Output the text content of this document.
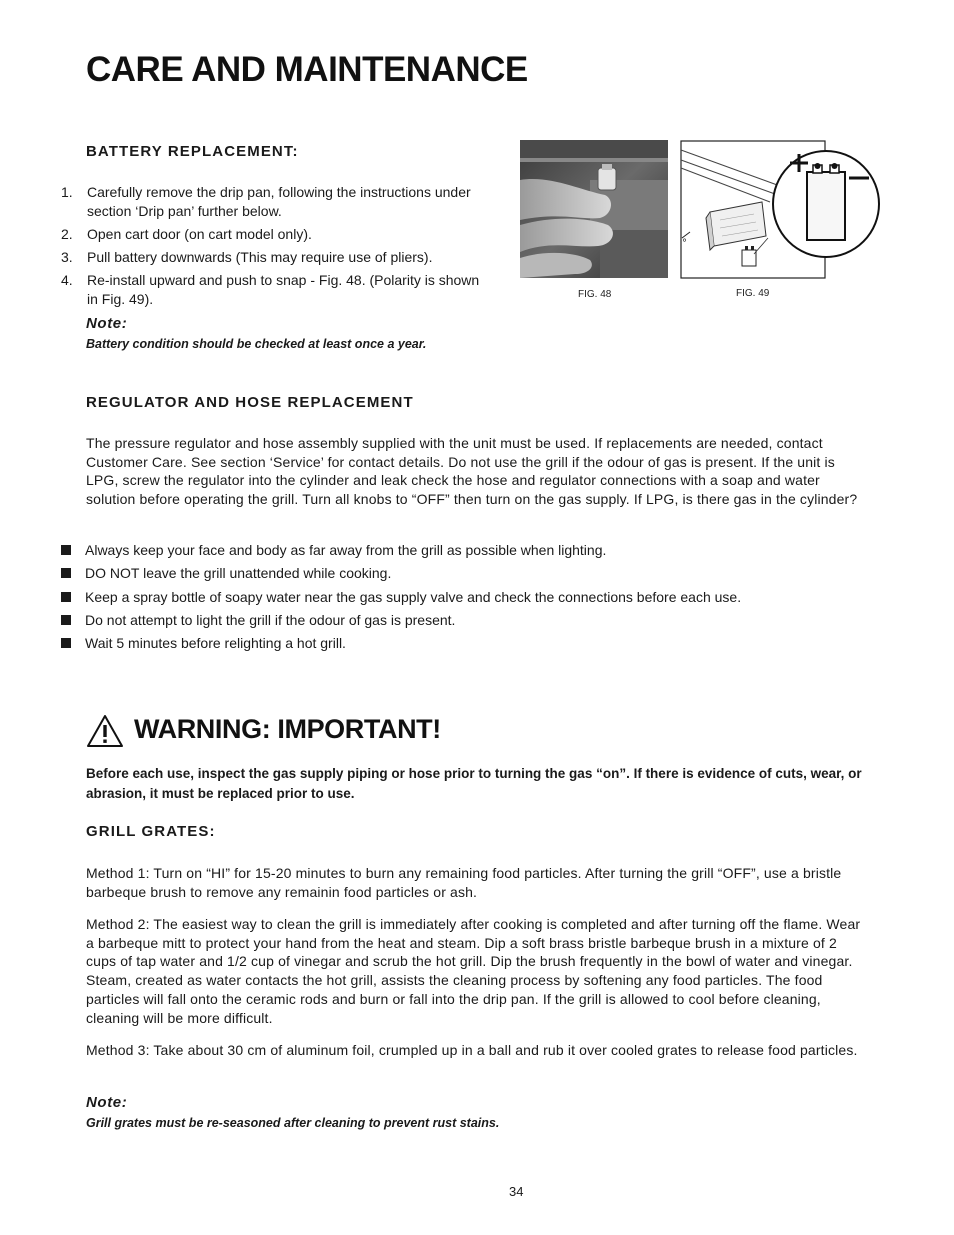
CARE AND MAINTENANCE
BATTERY REPLACEMENT:
1. Carefully remove the drip pan, following the instructions under section ‘Drip pan’ further below.
2. Open cart door (on cart model only).
3. Pull battery downwards (This may require use of pliers).
4. Re-install upward and push to snap - Fig. 48. (Polarity is shown in Fig. 49).

Note:

Battery condition should be checked at least once a year.

FIG. 48
°
FIG. 49
REGULATOR AND HOSE REPLACEMENT

The pressure regulator and hose assembly supplied with the unit must be used. If replacements are needed, contact Customer Care. See section ‘Service’ for contact details. Do not use the grill if the odour of gas is present. If the unit is LPG, screw the regulator into the cylinder and leak check the hose and regulator connections with a soap and water solution before operating the grill. Turn all knobs to “OFF” then turn on the gas supply. If LPG, is there gas in the cylinder?

Always keep your face and body as far away from the grill as possible when lighting.
DO NOT leave the grill unattended while cooking.
Keep a spray bottle of soapy water near the gas supply valve and check the connections before each use.
Do not attempt to light the grill if the odour of gas is present.
Wait 5 minutes before relighting a hot grill.
WARNING: IMPORTANT!

Before each use, inspect the gas supply piping or hose prior to turning the gas “on”. If there is evidence of cuts, wear, or abrasion, it must be replaced prior to use.

GRILL GRATES:

Method 1: Turn on “HI” for 15-20 minutes to burn any remaining food particles. After turning the grill “OFF”, use a bristle barbeque brush to remove any remainin food particles or ash.

Method 2: The easiest way to clean the grill is immediately after cooking is completed and after turning off the flame. Wear a barbeque mitt to protect your hand from the heat and steam. Dip a soft brass bristle barbeque brush in a mixture of 2 cups of tap water and 1/2 cup of vinegar and scrub the hot grill. Dip the brush frequently in the bowl of water and vinegar. Steam, created as water contacts the hot grill, assists the cleaning process by softening any food particles. The food particles will fall onto the ceramic rods and burn or fall into the drip pan. If the grill is allowed to cool before cleaning, cleaning will be more difficult.

Method 3: Take about 30 cm of aluminum foil, crumpled up in a ball and rub it over cooled grates to release food particles.

Note:

Grill grates must be re-seasoned after cleaning to prevent rust stains.

34
